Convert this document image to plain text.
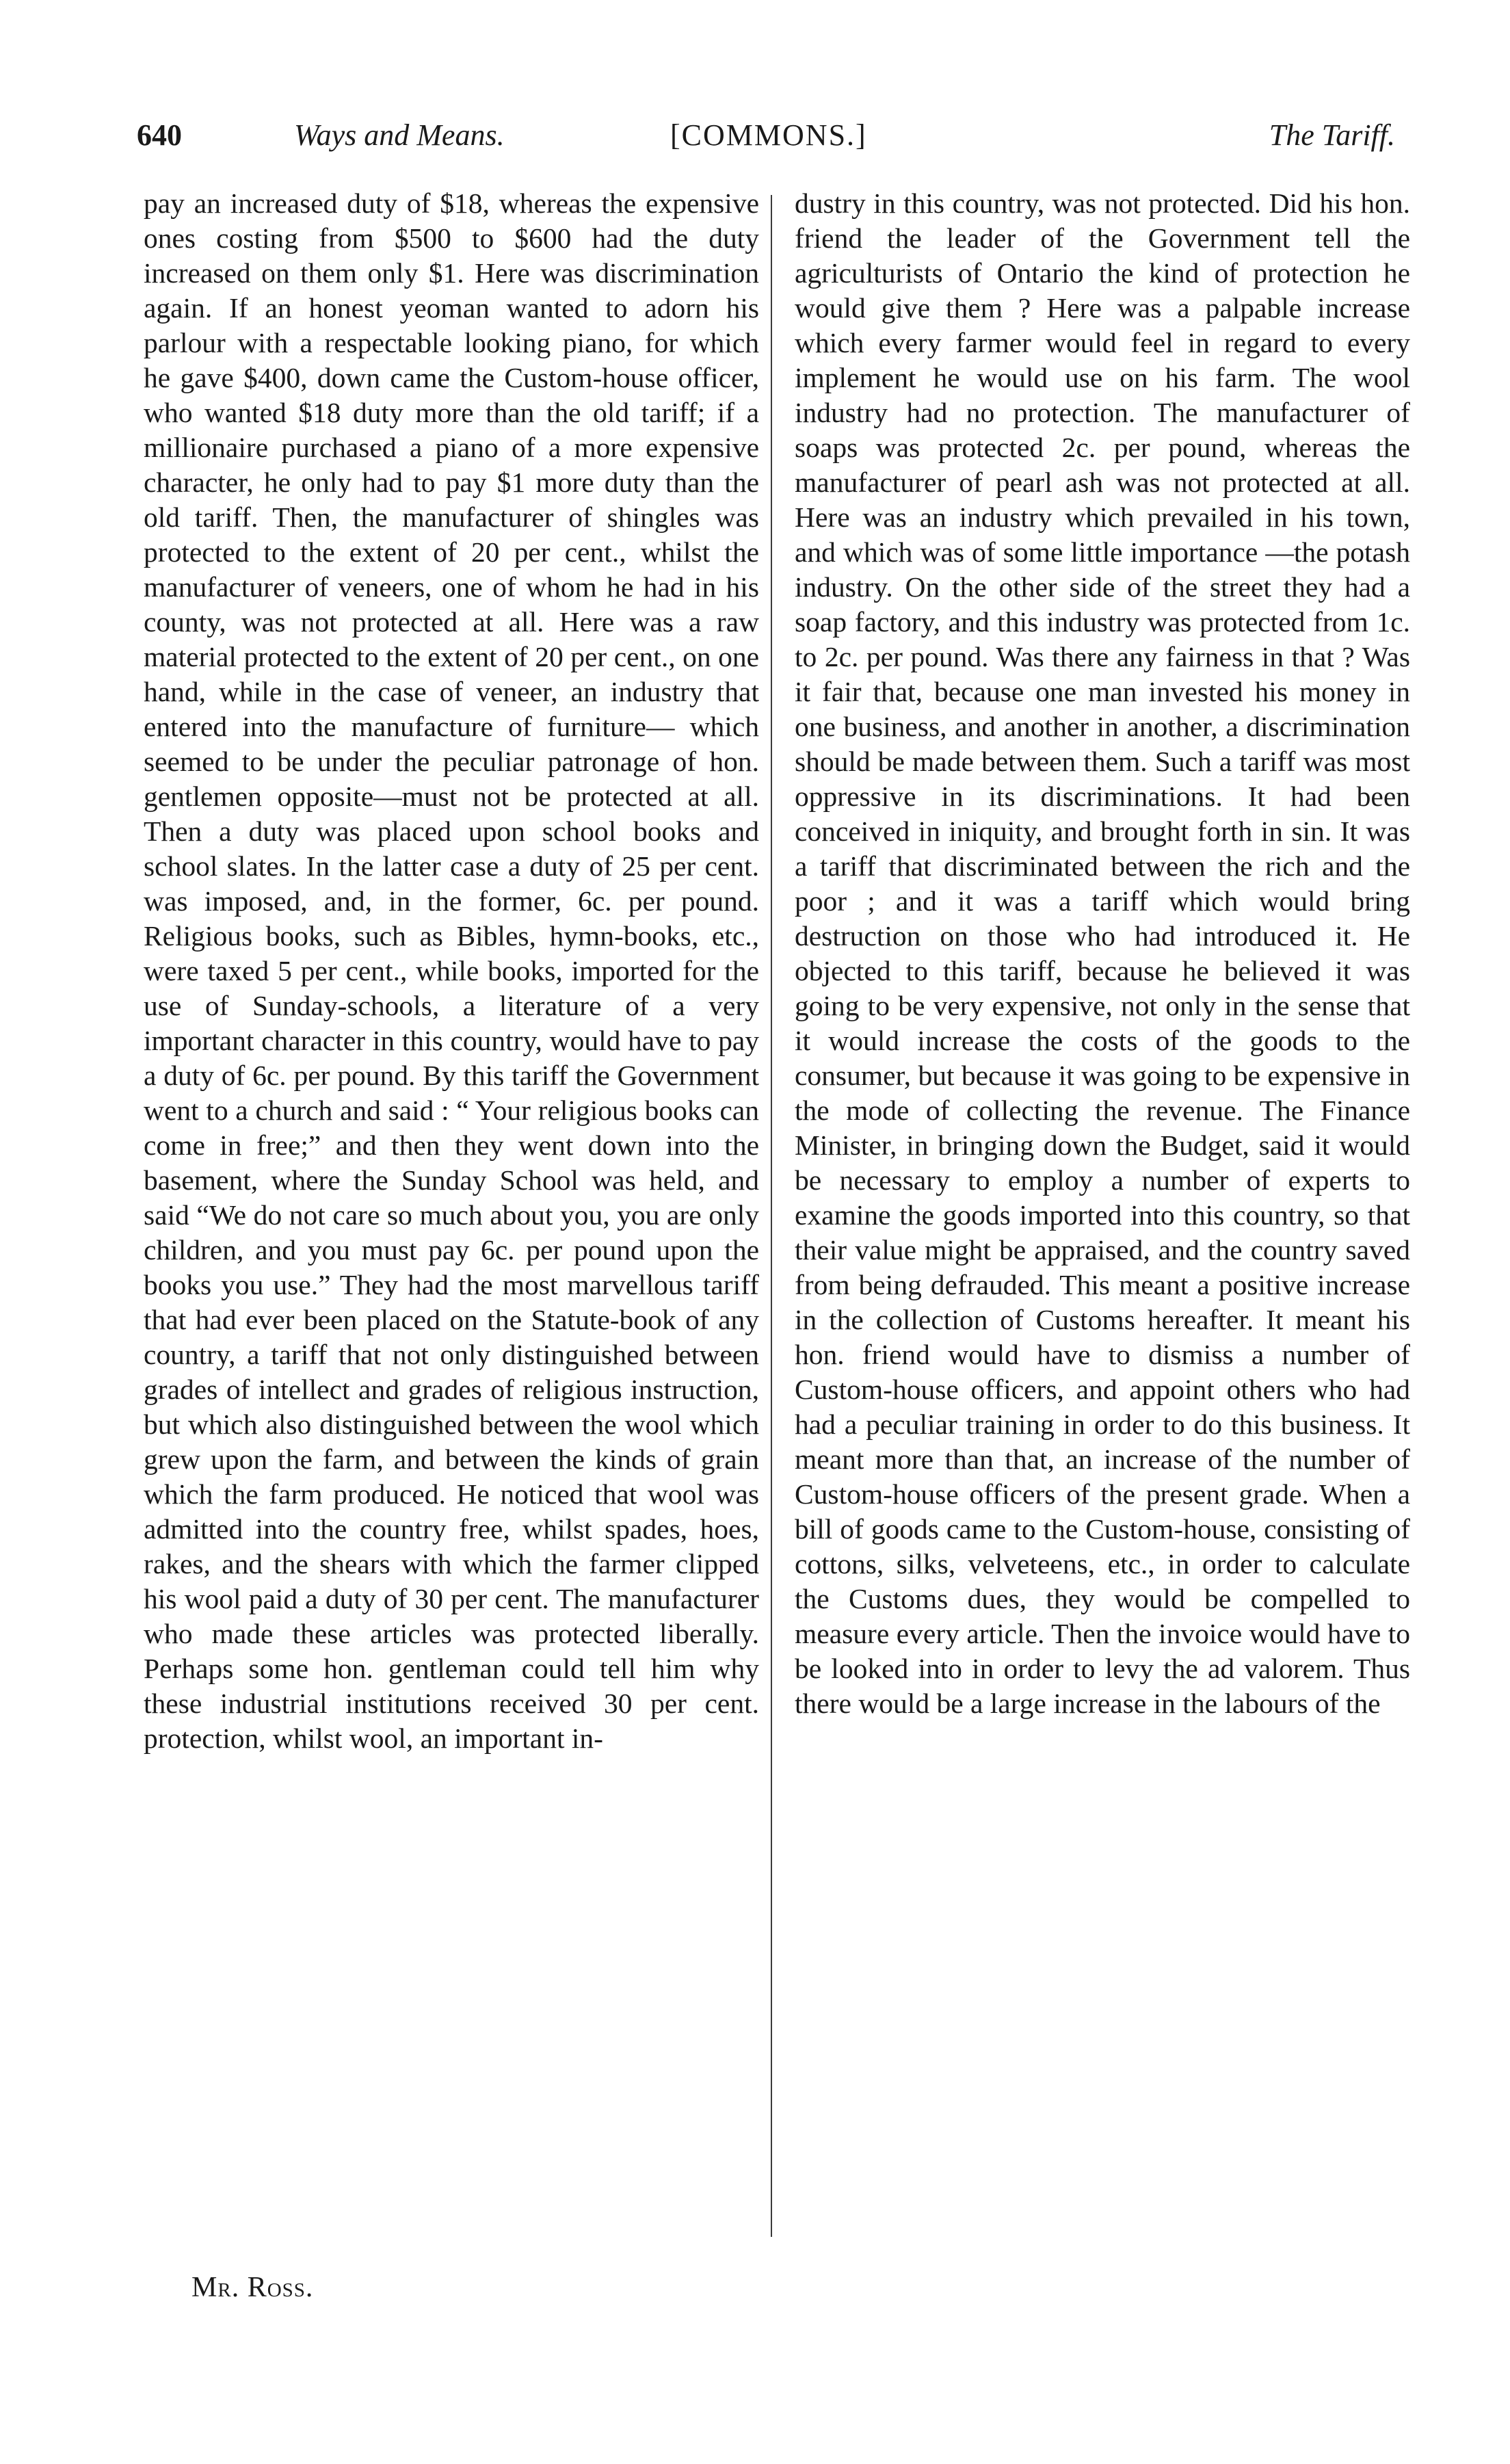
640	Ways and Means.	[COMMONS.]	The Tariff.

pay an increased duty of $18, whereas the expensive ones costing from $500 to $600 had the duty increased on them only $1. Here was discrimination again. If an honest yeoman wanted to adorn his parlour with a respectable looking piano, for which he gave $400, down came the Custom-house officer, who wanted $18 duty more than the old tariff; if a millionaire purchased a piano of a more expensive character, he only had to pay $1 more duty than the old tariff. Then, the manufacturer of shingles was protected to the extent of 20 per cent., whilst the manufacturer of veneers, one of whom he had in his county, was not protected at all. Here was a raw material protected to the extent of 20 per cent., on one hand, while in the case of veneer, an industry that entered into the manufacture of furniture— which seemed to be under the peculiar patronage of hon. gentlemen opposite—must not be protected at all. Then a duty was placed upon school books and school slates. In the latter case a duty of 25 per cent. was imposed, and, in the former, 6c. per pound. Religious books, such as Bibles, hymn-books, etc., were taxed 5 per cent., while books, imported for the use of Sunday-schools, a literature of a very important character in this country, would have to pay a duty of 6c. per pound. By this tariff the Government went to a church and said : “ Your religious books can come in free;” and then they went down into the basement, where the Sunday School was held, and said “We do not care so much about you, you are only children, and you must pay 6c. per pound upon the books you use.” They had the most marvellous tariff that had ever been placed on the Statute-book of any country, a tariff that not only distinguished between grades of intellect and grades of religious instruction, but which also distinguished between the wool which grew upon the farm, and between the kinds of grain which the farm produced. He noticed that wool was admitted into the country free, whilst spades, hoes, rakes, and the shears with which the farmer clipped his wool paid a duty of 30 per cent. The manufacturer who made these articles was protected liberally. Perhaps some hon. gentleman could tell him why these industrial institutions received 30 per cent. protection, whilst wool, an important in-

dustry in this country, was not protected. Did his hon. friend the leader of the Government tell the agriculturists of Ontario the kind of protection he would give them ? Here was a palpable increase which every farmer would feel in regard to every implement he would use on his farm. The wool industry had no protection. The manufacturer of soaps was protected 2c. per pound, whereas the manufacturer of pearl ash was not protected at all. Here was an industry which prevailed in his town, and which was of some little importance —the potash industry. On the other side of the street they had a soap factory, and this industry was protected from 1c. to 2c. per pound. Was there any fairness in that ? Was it fair that, because one man invested his money in one business, and another in another, a discrimination should be made between them. Such a tariff was most oppressive in its discriminations. It had been conceived in iniquity, and brought forth in sin. It was a tariff that discriminated between the rich and the poor ; and it was a tariff which would bring destruction on those who had introduced it. He objected to this tariff, because he believed it was going to be very expensive, not only in the sense that it would increase the costs of the goods to the consumer, but because it was going to be expensive in the mode of collecting the revenue. The Finance Minister, in bringing down the Budget, said it would be necessary to employ a number of experts to examine the goods imported into this country, so that their value might be appraised, and the country saved from being defrauded. This meant a positive increase in the collection of Customs hereafter. It meant his hon. friend would have to dismiss a number of Custom-house officers, and appoint others who had had a peculiar training in order to do this business. It meant more than that, an increase of the number of Custom-house officers of the present grade. When a bill of goods came to the Custom-house, consisting of cottons, silks, velveteens, etc., in order to calculate the Customs dues, they would be compelled to measure every article. Then the invoice would have to be looked into in order to levy the ad valorem. Thus there would be a large increase in the labours of the

Mr. Ross.
